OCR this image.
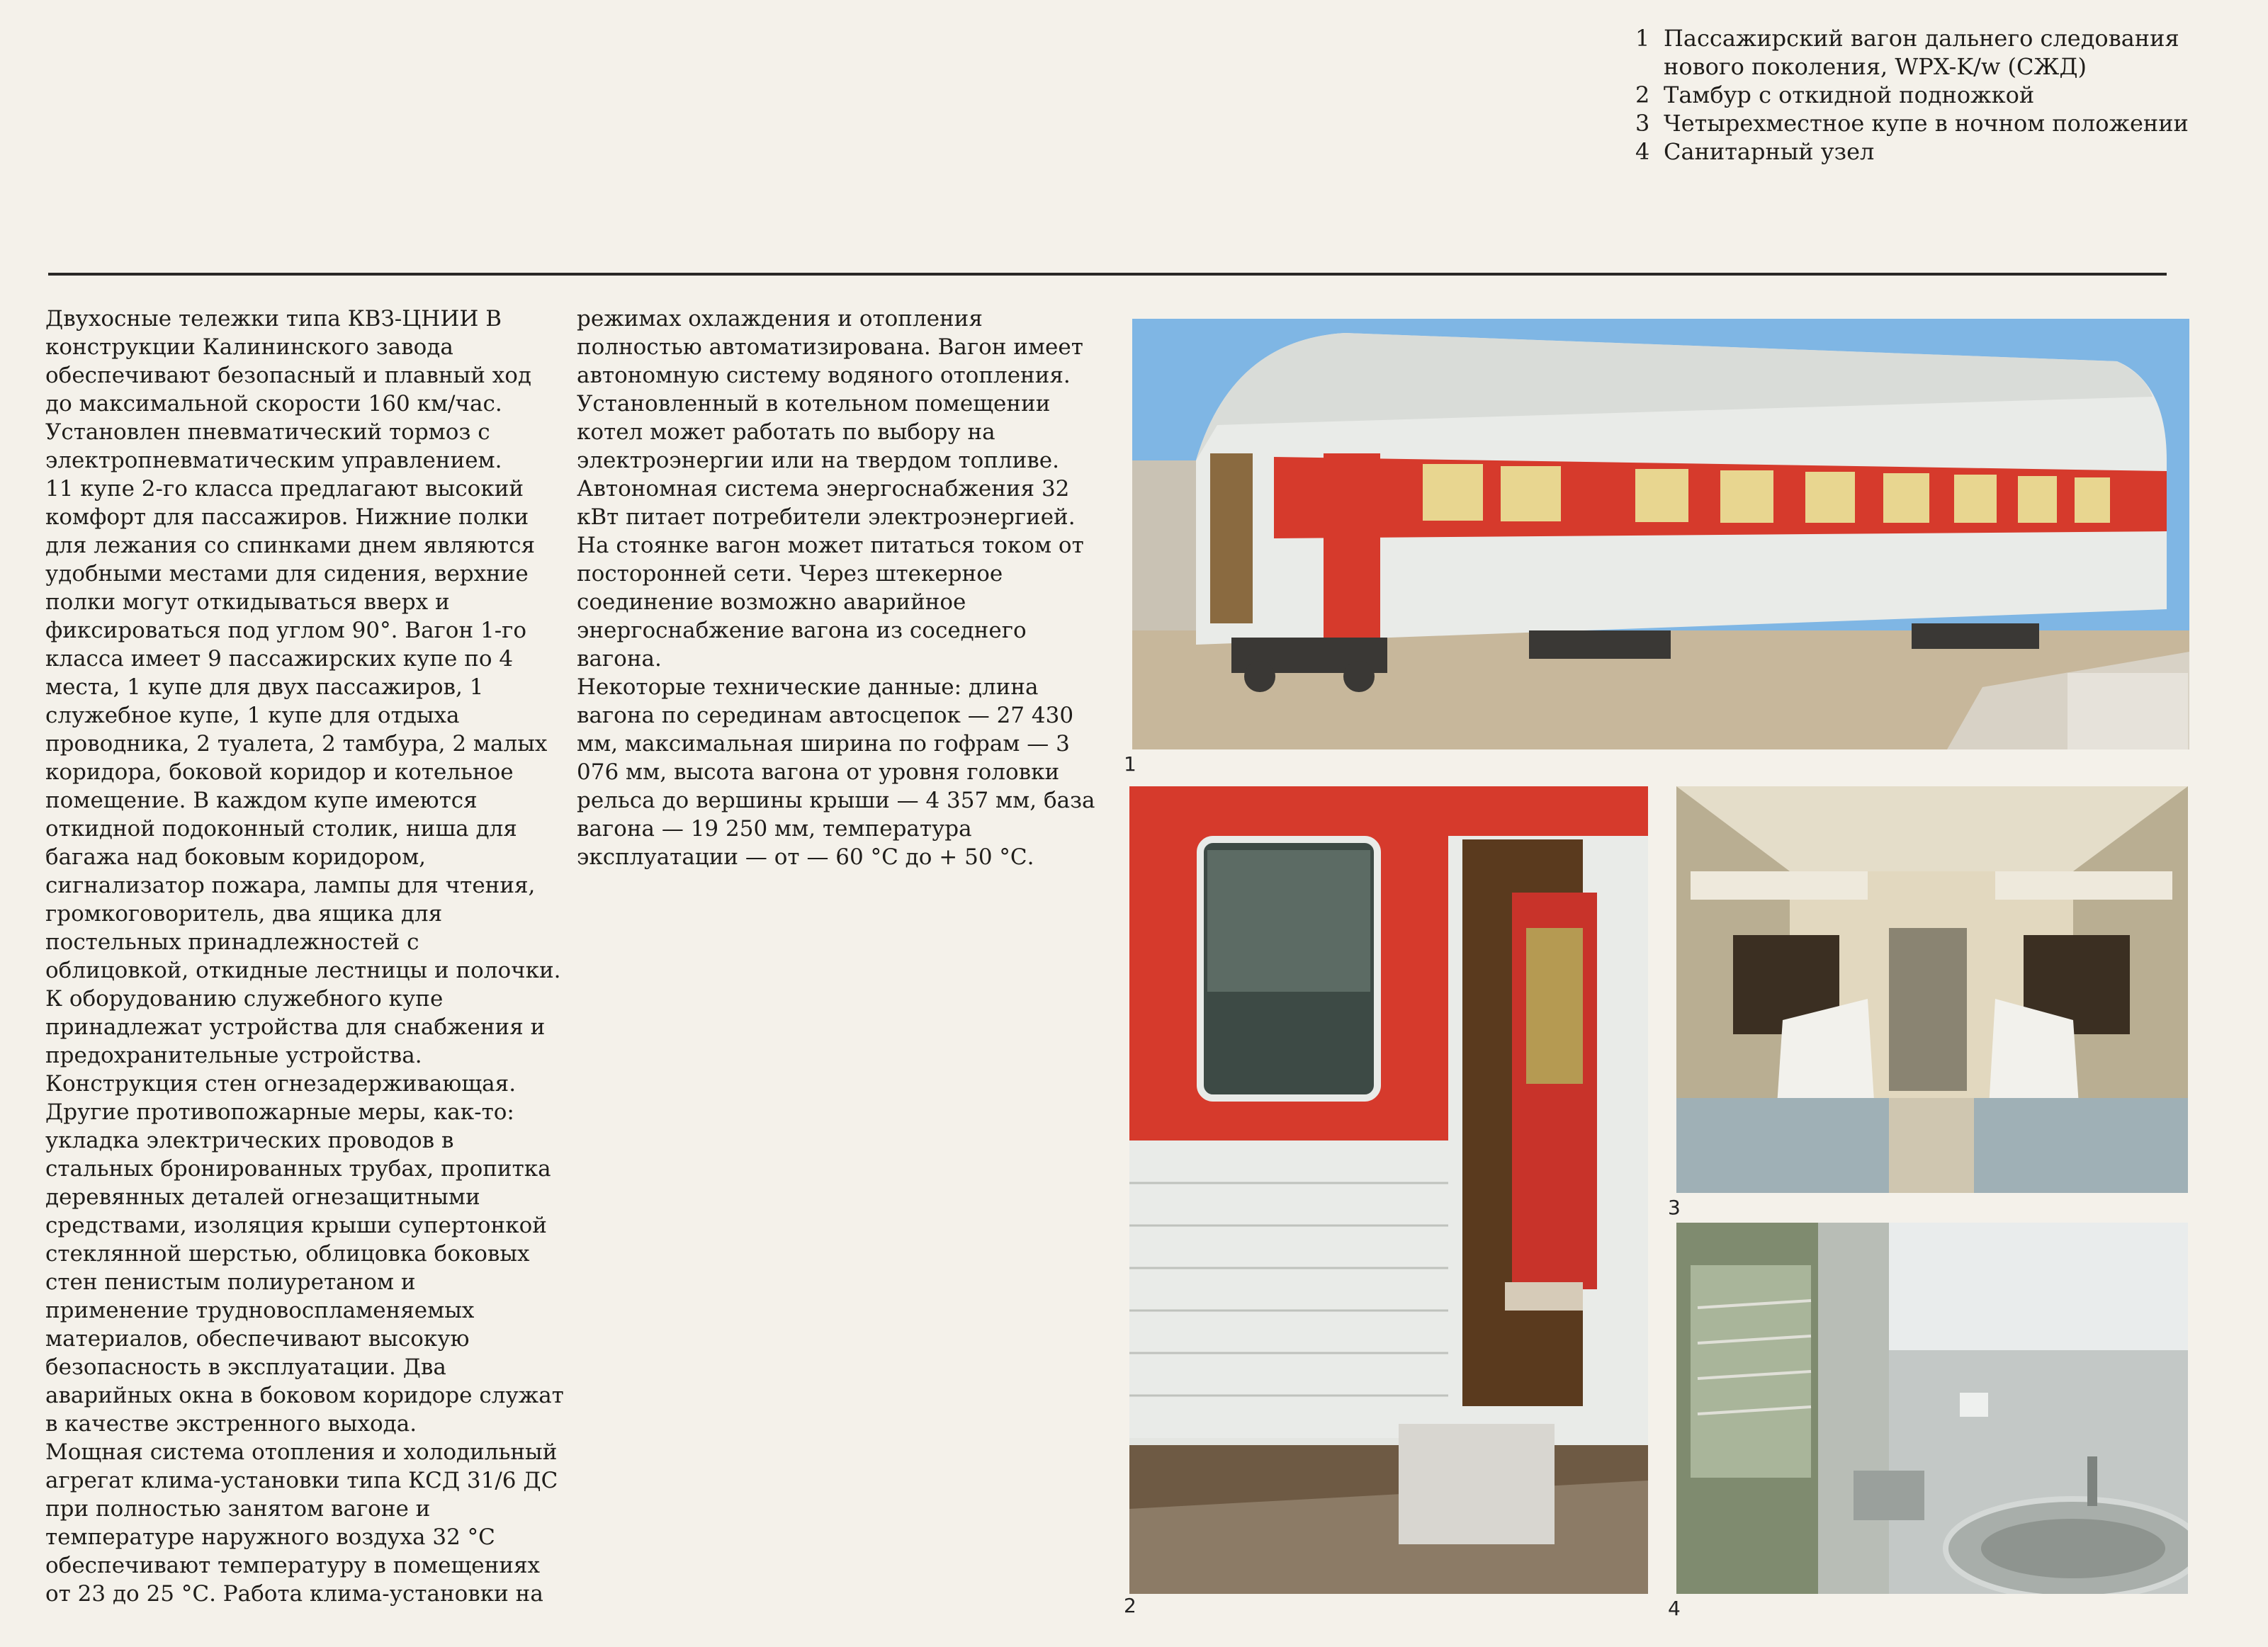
1 Пассажирский вагон дальнего следования нового поколения, WPX-K/w (СЖД)
2 Тамбур с откидной подножкой
3 Четырехместное купе в ночном положении
4 Санитарный узел

Двухосные тележки типа КВЗ-ЦНИИ В конструкции Калининского завода обеспечивают безопасный и плавный ход до максимальной скорости 160 км/час. Установлен пневматический тормоз с электропневматическим управлением.

11 купе 2-го класса предлагают высокий комфорт для пассажиров. Нижние полки для лежания со спинками днем являются удобными местами для сидения, верхние полки могут откидываться вверх и фиксироваться под углом 90°. Вагон 1-го класса имеет 9 пассажирских купе по 4 места, 1 купе для двух пассажиров, 1 служебное купе, 1 купе для отдыха проводника, 2 туалета, 2 тамбура, 2 малых коридора, боковой коридор и котельное помещение. В каждом купе имеются откидной подоконный столик, ниша для багажа над боковым коридором, сигнализатор пожара, лампы для чтения, громкоговоритель, два ящика для постельных принадлежностей с облицовкой, откидные лестницы и полочки.

К оборудованию служебного купе принадлежат устройства для снабжения и предохранительные устройства. Конструкция стен огнезадерживающая. Другие противопожарные меры, как-то: укладка электрических проводов в стальных бронированных трубах, пропитка деревянных деталей огнезащитными средствами, изоляция крыши супертонкой стеклянной шерстью, облицовка боковых стен пенистым полиуретаном и применение трудновоспламеняемых материалов, обеспечивают высокую безопасность в эксплуатации. Два аварийных окна в боковом коридоре служат в качестве экстренного выхода.

Мощная система отопления и холодильный агрегат клима-установки типа КСД 31/6 ДС при полностью занятом вагоне и температуре наружного воздуха 32 °С обеспечивают температуру в помещениях от 23 до 25 °С. Работа клима-установки на

режимах охлаждения и отопления полностью автоматизирована. Вагон имеет автономную систему водяного отопления. Установленный в котельном помещении котел может работать по выбору на электроэнергии или на твердом топливе.

Автономная система энергоснабжения 32 кВт питает потребители электроэнергией. На стоянке вагон может питаться током от посторонней сети. Через штекерное соединение возможно аварийное энергоснабжение вагона из соседнего вагона.

Некоторые технические данные: длина вагона по серединам автосцепок — 27 430 мм, максимальная ширина по гофрам — 3 076 мм, высота вагона от уровня головки рельса до вершины крыши — 4 357 мм, база вагона — 19 250 мм, температура эксплуатации — от — 60 °С до + 50 °С.

1
2
3
4
